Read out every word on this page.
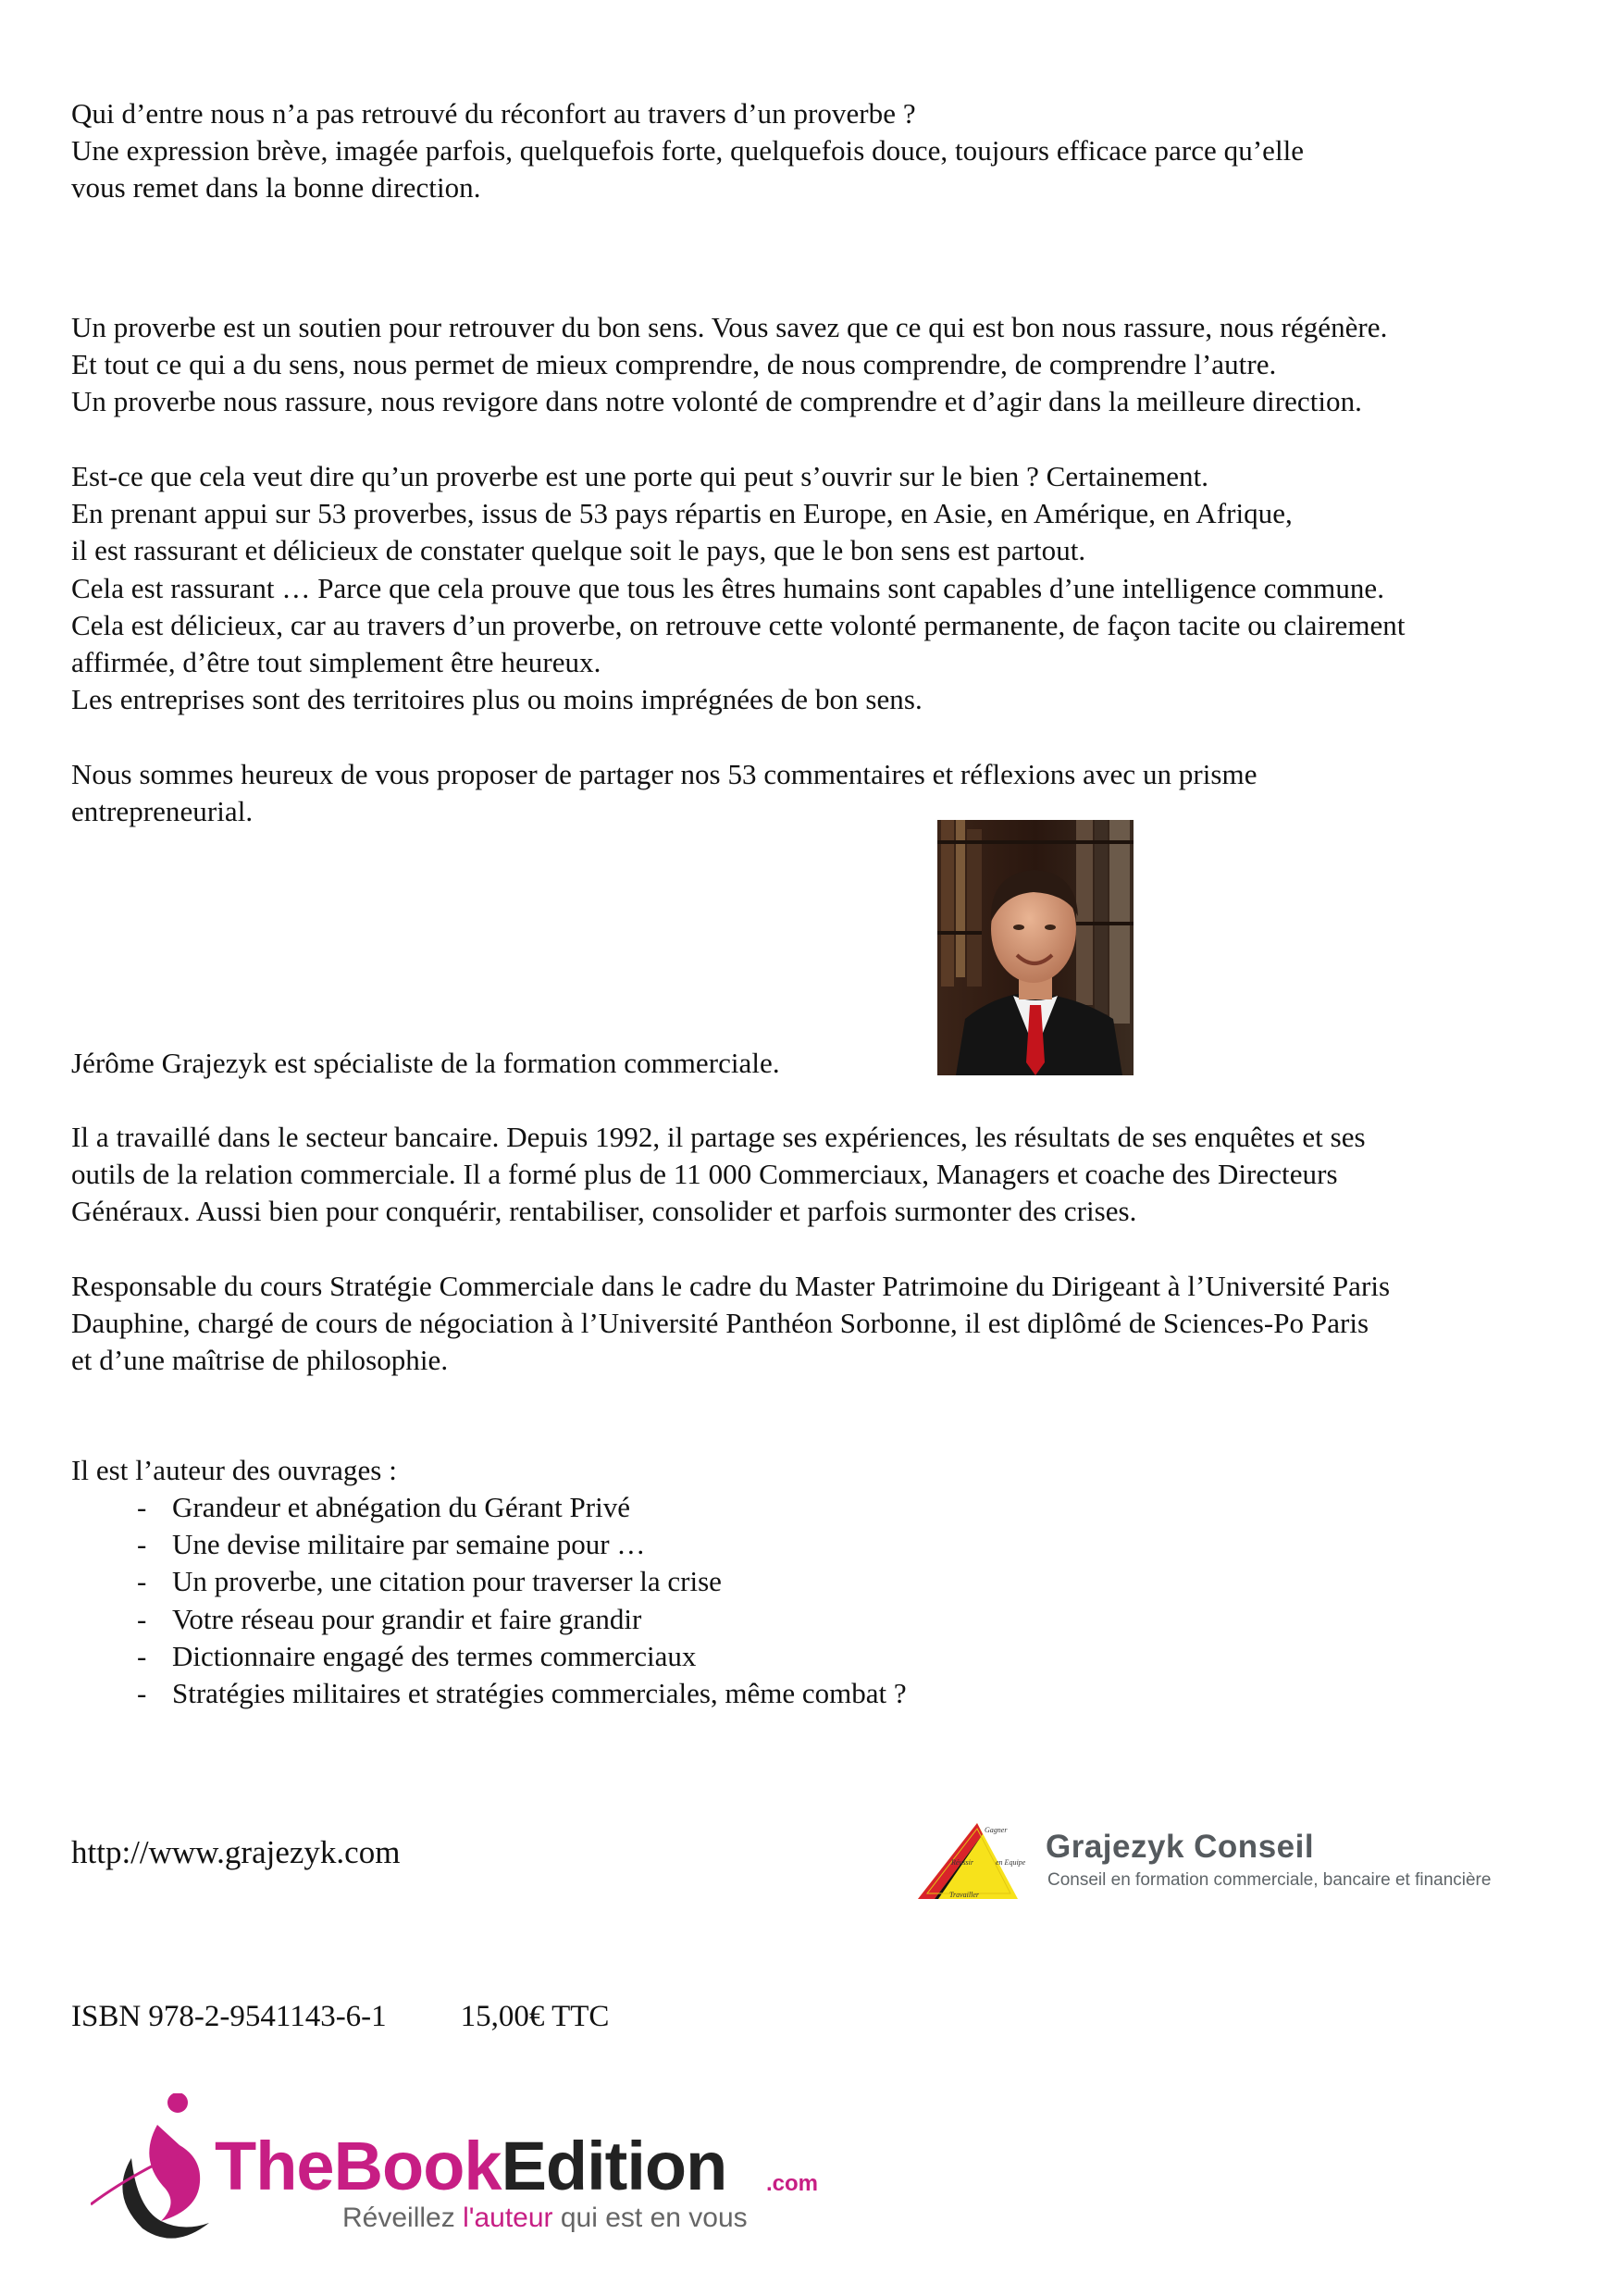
Qui d’entre nous n’a pas retrouvé du réconfort au travers d’un proverbe ?
Une expression brève, imagée parfois, quelquefois forte, quelquefois douce, toujours efficace parce qu’elle
vous remet dans la bonne direction.
Un proverbe est un soutien pour retrouver du bon sens. Vous savez que ce qui est bon nous rassure, nous régénère.
Et tout ce qui a du sens, nous permet de mieux comprendre, de nous comprendre, de comprendre l’autre.
Un proverbe nous rassure, nous revigore dans notre volonté de comprendre et d’agir dans la meilleure direction.
Est-ce que cela veut dire qu’un proverbe est une porte qui peut s’ouvrir sur le bien ? Certainement.
En prenant appui sur 53 proverbes, issus de 53 pays répartis en Europe, en Asie, en Amérique, en Afrique,
il est rassurant et délicieux de constater quelque soit le pays, que le bon sens est partout.
Cela est rassurant … Parce que cela prouve que tous les êtres humains sont capables d’une intelligence commune.
Cela est délicieux, car au travers d’un proverbe, on retrouve cette volonté permanente, de façon tacite ou clairement
affirmée, d’être tout simplement être heureux.
Les entreprises sont des territoires plus ou moins imprégnées de bon sens.
Nous sommes heureux de vous proposer de partager nos 53 commentaires et réflexions avec un prisme
entrepreneurial.
Jérôme Grajezyk est spécialiste de la formation commerciale.
Il a travaillé dans le secteur bancaire. Depuis 1992, il partage ses expériences, les résultats de ses enquêtes et ses
outils de la relation commerciale. Il a formé plus de 11 000 Commerciaux, Managers et coache des Directeurs
Généraux. Aussi bien pour conquérir, rentabiliser, consolider et parfois surmonter des crises.
Responsable du cours Stratégie Commerciale dans le cadre du Master Patrimoine du Dirigeant à l’Université Paris
Dauphine, chargé de cours de négociation à l’Université Panthéon Sorbonne, il est diplômé de Sciences-Po Paris
et d’une maîtrise de philosophie.
Il est l’auteur des ouvrages :
- Grandeur et abnégation du Gérant Privé
- Une devise militaire par semaine pour …
- Un proverbe, une citation pour traverser la crise
- Votre réseau pour grandir et faire grandir
- Dictionnaire engagé des termes commerciaux
- Stratégies militaires et stratégies commerciales, même combat ?
http://www.grajezyk.com
Gagner
Réussir	en Equipe
Travailler
Grajezyk Conseil
Conseil en formation commerciale, bancaire et financière
ISBN 978-2-9541143-6-1 15,00€ TTC
TheBookEdition .com
Réveillez l'auteur qui est en vous
